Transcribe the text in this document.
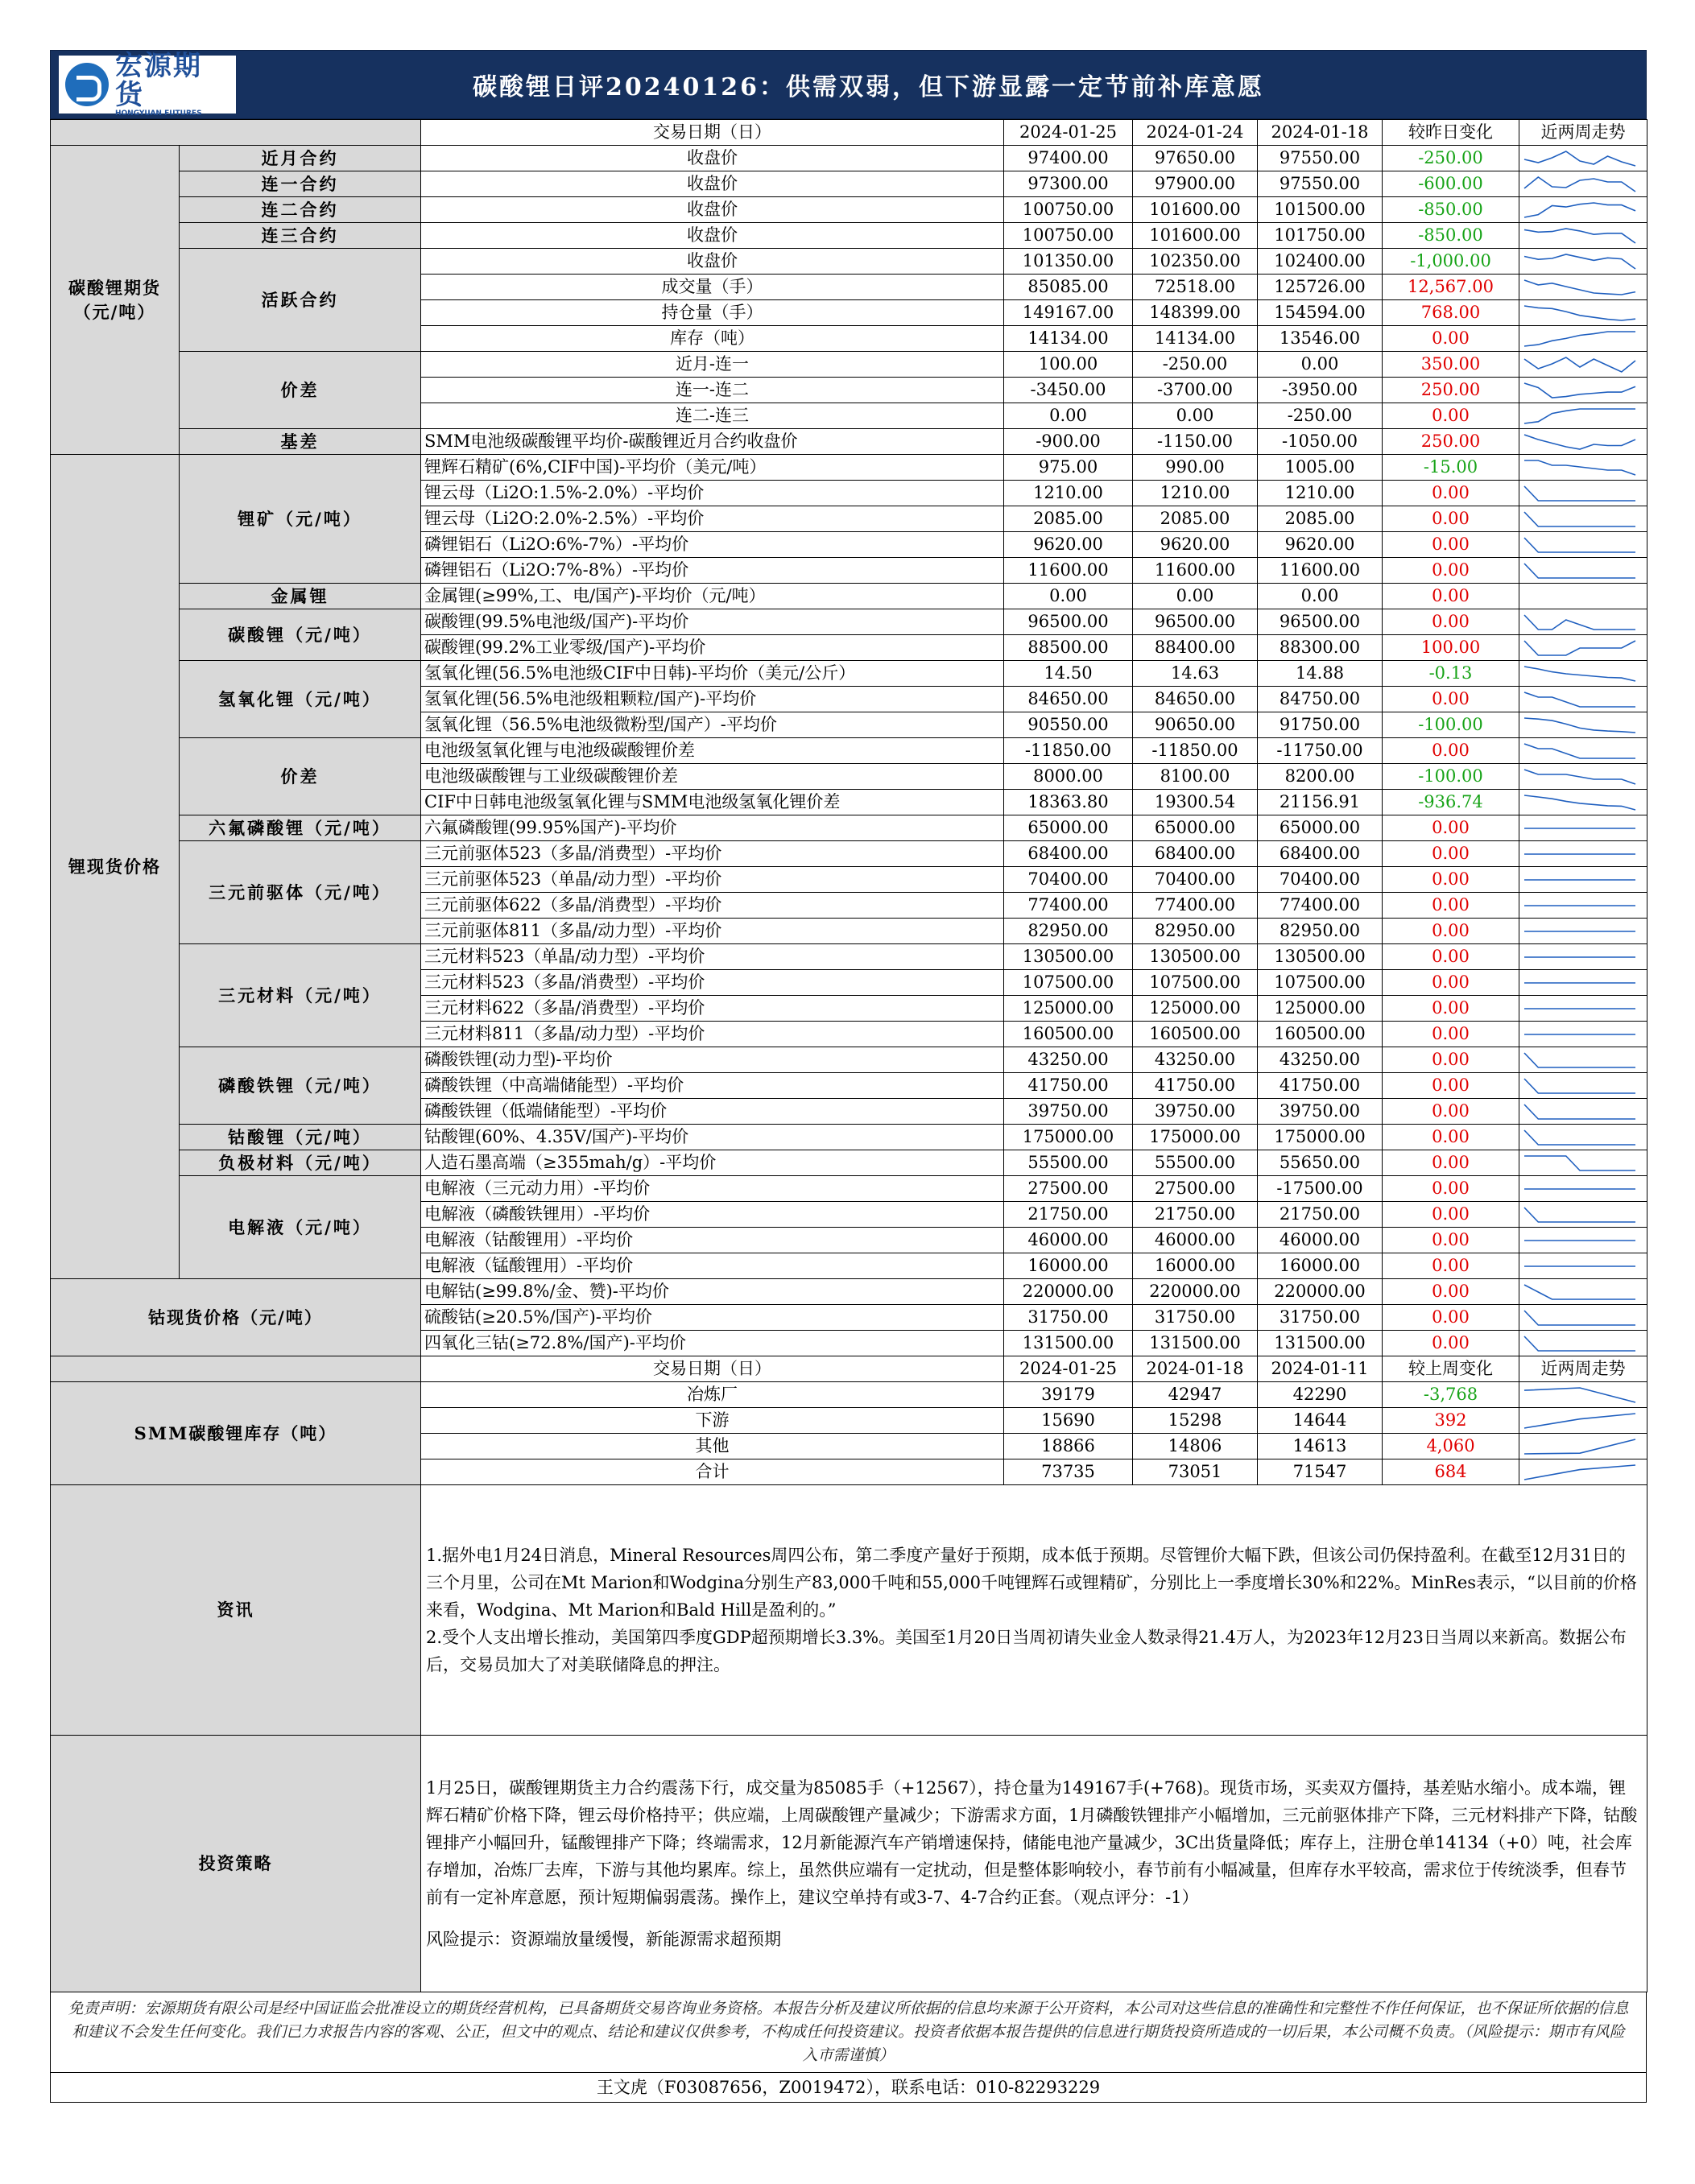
宏源期货
HONGYUAN FUTURES
碳酸锂日评20240126：供需双弱，但下游显露一定节前补库意愿
		交易日期（日）	2024-01-25	2024-01-24	2024-01-18	较昨日变化	近两周走势
碳酸锂期货（元/吨）	近月合约	收盘价	97400.00	97650.00	97550.00	-250.00	

	连一合约	收盘价	97300.00	97900.00	97550.00	-600.00	

	连二合约	收盘价	100750.00	101600.00	101500.00	-850.00	

	连三合约	收盘价	100750.00	101600.00	101750.00	-850.00	

	活跃合约	收盘价	101350.00	102350.00	102400.00	-1,000.00	

		成交量（手）	85085.00	72518.00	125726.00	12,567.00	

		持仓量（手）	149167.00	148399.00	154594.00	768.00	

		库存（吨）	14134.00	14134.00	13546.00	0.00	

	价差	近月-连一	100.00	-250.00	0.00	350.00	

		连一-连二	-3450.00	-3700.00	-3950.00	250.00	

		连二-连三	0.00	0.00	-250.00	0.00	

	基差	SMM电池级碳酸锂平均价-碳酸锂近月合约收盘价	-900.00	-1150.00	-1050.00	250.00	

锂现货价格	锂矿（元/吨）	锂辉石精矿(6%,CIF中国)-平均价（美元/吨）	975.00	990.00	1005.00	-15.00	

		锂云母（Li2O:1.5%-2.0%）-平均价	1210.00	1210.00	1210.00	0.00	

		锂云母（Li2O:2.0%-2.5%）-平均价	2085.00	2085.00	2085.00	0.00	

		磷锂铝石（Li2O:6%-7%）-平均价	9620.00	9620.00	9620.00	0.00	

		磷锂铝石（Li2O:7%-8%）-平均价	11600.00	11600.00	11600.00	0.00	

	金属锂	金属锂(≥99%,工、电/国产)-平均价（元/吨）	0.00	0.00	0.00	0.00	

	碳酸锂（元/吨）	碳酸锂(99.5%电池级/国产)-平均价	96500.00	96500.00	96500.00	0.00	

		碳酸锂(99.2%工业零级/国产)-平均价	88500.00	88400.00	88300.00	100.00	

	氢氧化锂（元/吨）	氢氧化锂(56.5%电池级CIF中日韩)-平均价（美元/公斤）	14.50	14.63	14.88	-0.13	

		氢氧化锂(56.5%电池级粗颗粒/国产)-平均价	84650.00	84650.00	84750.00	0.00	

		氢氧化锂（56.5%电池级微粉型/国产）-平均价	90550.00	90650.00	91750.00	-100.00	

	价差	电池级氢氧化锂与电池级碳酸锂价差	-11850.00	-11850.00	-11750.00	0.00	

		电池级碳酸锂与工业级碳酸锂价差	8000.00	8100.00	8200.00	-100.00	

		CIF中日韩电池级氢氧化锂与SMM电池级氢氧化锂价差	18363.80	19300.54	21156.91	-936.74	

	六氟磷酸锂（元/吨）	六氟磷酸锂(99.95%国产)-平均价	65000.00	65000.00	65000.00	0.00	

	三元前驱体（元/吨）	三元前驱体523（多晶/消费型）-平均价	68400.00	68400.00	68400.00	0.00	

		三元前驱体523（单晶/动力型）-平均价	70400.00	70400.00	70400.00	0.00	

		三元前驱体622（多晶/消费型）-平均价	77400.00	77400.00	77400.00	0.00	

		三元前驱体811（多晶/动力型）-平均价	82950.00	82950.00	82950.00	0.00	

	三元材料（元/吨）	三元材料523（单晶/动力型）-平均价	130500.00	130500.00	130500.00	0.00	

		三元材料523（多晶/消费型）-平均价	107500.00	107500.00	107500.00	0.00	

		三元材料622（多晶/消费型）-平均价	125000.00	125000.00	125000.00	0.00	

		三元材料811（多晶/动力型）-平均价	160500.00	160500.00	160500.00	0.00	

	磷酸铁锂（元/吨）	磷酸铁锂(动力型)-平均价	43250.00	43250.00	43250.00	0.00	

		磷酸铁锂（中高端储能型）-平均价	41750.00	41750.00	41750.00	0.00	

		磷酸铁锂（低端储能型）-平均价	39750.00	39750.00	39750.00	0.00	

	钴酸锂（元/吨）	钴酸锂(60%、4.35V/国产)-平均价	175000.00	175000.00	175000.00	0.00	

	负极材料（元/吨）	人造石墨高端（≥355mah/g）-平均价	55500.00	55500.00	55650.00	0.00	

	电解液（元/吨）	电解液（三元动力用）-平均价	27500.00	27500.00	-17500.00	0.00	

		电解液（磷酸铁锂用）-平均价	21750.00	21750.00	21750.00	0.00	

		电解液（钴酸锂用）-平均价	46000.00	46000.00	46000.00	0.00	

		电解液（锰酸锂用）-平均价	16000.00	16000.00	16000.00	0.00	

钴现货价格（元/吨）		电解钴(≥99.8%/金、赞)-平均价	220000.00	220000.00	220000.00	0.00	

		硫酸钴(≥20.5%/国产)-平均价	31750.00	31750.00	31750.00	0.00	

		四氧化三钴(≥72.8%/国产)-平均价	131500.00	131500.00	131500.00	0.00	

		交易日期（日）	2024-01-25	2024-01-18	2024-01-11	较上周变化	近两周走势
SMM碳酸锂库存（吨）		冶炼厂	39179	42947	42290	-3,768	

		下游	15690	15298	14644	392	

		其他	18866	14806	14613	4,060	

		合计	73735	73051	71547	684	

资讯		1.据外电1月24日消息，Mineral Resources周四公布，第二季度产量好于预期，成本低于预期。尽管锂价大幅下跌，但该公司仍保持盈利。在截至12月31日的三个月里，公司在Mt Marion和Wodgina分别生产83,000千吨和55,000千吨锂辉石或锂精矿，分别比上一季度增长30%和22%。MinRes表示，“以目前的价格来看，Wodgina、Mt Marion和Bald Hill是盈利的。”
2.受个人支出增长推动，美国第四季度GDP超预期增长3.3%。美国至1月20日当周初请失业金人数录得21.4万人，为2023年12月23日当周以来新高。数据公布后，交易员加大了对美联储降息的押注。					

投资策略		1月25日，碳酸锂期货主力合约震荡下行，成交量为85085手（+12567），持仓量为149167手(+768)。现货市场，买卖双方僵持，基差贴水缩小。成本端，锂辉石精矿价格下降，锂云母价格持平；供应端，上周碳酸锂产量减少；下游需求方面，1月磷酸铁锂排产小幅增加，三元前驱体排产下降，三元材料排产下降，钴酸锂排产小幅回升，锰酸锂排产下降；终端需求，12月新能源汽车产销增速保持，储能电池产量减少，3C出货量降低；库存上，注册仓单14134（+0）吨，社会库存增加，冶炼厂去库，下游与其他均累库。综上，虽然供应端有一定扰动，但是整体影响较小，春节前有小幅减量，但库存水平较高，需求位于传统淡季，但春节前有一定补库意愿，预计短期偏弱震荡。操作上，建议空单持有或3-7、4-7合约正套。（观点评分：-1）
风险提示：资源端放量缓慢，新能源需求超预期					
免责声明：宏源期货有限公司是经中国证监会批准设立的期货经营机构，已具备期货交易咨询业务资格。本报告分析及建议所依据的信息均来源于公开资料，本公司对这些信息的准确性和完整性不作任何保证，也不保证所依据的信息和建议不会发生任何变化。我们已力求报告内容的客观、公正，但文中的观点、结论和建议仅供参考，不构成任何投资建议。投资者依据本报告提供的信息进行期货投资所造成的一切后果，本公司概不负责。（风险提示：期市有风险 入市需谨慎）
王文虎（F03087656，Z0019472），联系电话：010-82293229
